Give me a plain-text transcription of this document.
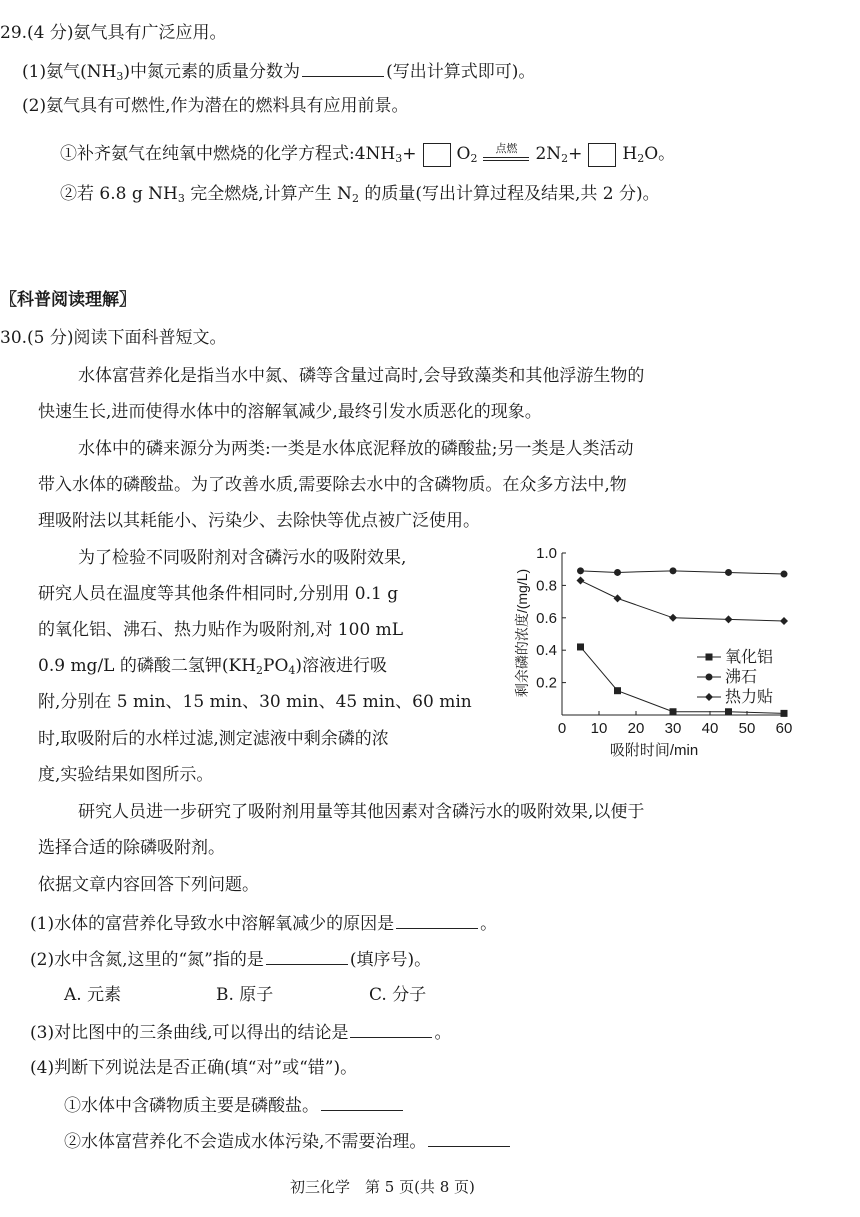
29.(4 分)氨气具有广泛应用。
(1)氨气$(NH_3)$中氮元素的质量分数为	(写出计算式即可)。
(2)氨气具有可燃性,作为潜在的燃料具有应用前景。
①补齐氨气在纯氧中燃烧的化学方程式$:4NH_3+ O_2$
点燃	$2N_2+ H_2O$。
②若 6.8 g $NH_3$ 完全燃烧,计算产生 $N_2$ 的质量(写出计算过程及结果,共 2 分)。
〖科普阅读理解〗
30.(5 分)阅读下面科普短文。
水体富营养化是指当水中氮、磷等含量过高时,会导致藻类和其他浮游生物的
快速生长,进而使得水体中的溶解氧减少,最终引发水质恶化的现象。
水体中的磷来源分为两类:一类是水体底泥释放的磷酸盐;另一类是人类活动
带入水体的磷酸盐。为了改善水质,需要除去水中的含磷物质。在众多方法中,物
理吸附法以其耗能小、污染少、去除快等优点被广泛使用。
为了检验不同吸附剂对含磷污水的吸附效果,
研究人员在温度等其他条件相同时,分别用 0.1 g
的氧化铝、沸石、热力贴作为吸附剂,对 100 mL
0.9 mg/L 的磷酸二氢钾$(KH_2PO_4)$溶液进行吸
附,分别在 5 min、15 min、30 min、45 min、60 min
时,取吸附后的水样过滤,测定滤液中剩余磷的浓
度,实验结果如图所示。
剩余磷的浓度/(mg/L)
吸附时间/min
0 10 20 30 40 50 60
0.2
0.4
0.6
0.8
1.0
氧化铝
沸石
热力贴
研究人员进一步研究了吸附剂用量等其他因素对含磷污水的吸附效果,以便于
选择合适的除磷吸附剂。
依据文章内容回答下列问题。
(1)水体的富营养化导致水中溶解氧减少的原因是	。
(2)水中含氮,这里的“氮”指的是	(填序号)。
A. 元素	B. 原子	C. 分子
(3)对比图中的三条曲线,可以得出的结论是	。
(4)判断下列说法是否正确(填“对”或“错”)。
①水体中含磷物质主要是磷酸盐。
②水体富营养化不会造成水体污染,不需要治理。
初三化学　第 5 页(共 8 页)
